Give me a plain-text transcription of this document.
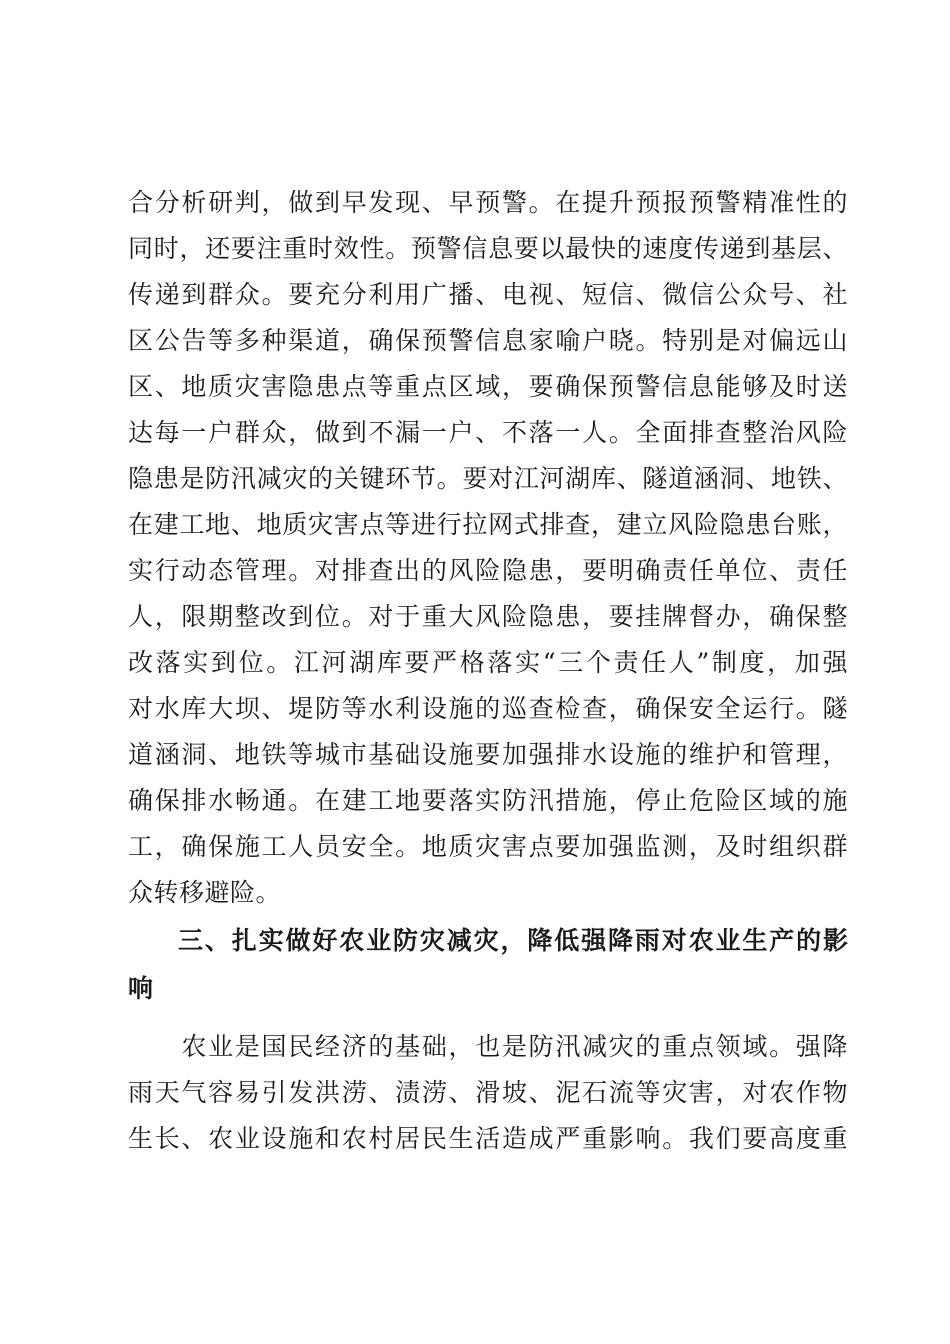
合分析研判，做到早发现、早预警。在提升预报预警精准性的
同时，还要注重时效性。预警信息要以最快的速度传递到基层、
传递到群众。要充分利用广播、电视、短信、微信公众号、社
区公告等多种渠道，确保预警信息家喻户晓。特别是对偏远山
区、地质灾害隐患点等重点区域，要确保预警信息能够及时送
达每一户群众，做到不漏一户、不落一人。全面排查整治风险
隐患是防汛减灾的关键环节。要对江河湖库、隧道涵洞、地铁、
在建工地、地质灾害点等进行拉网式排查，建立风险隐患台账，
实行动态管理。对排查出的风险隐患，要明确责任单位、责任
人，限期整改到位。对于重大风险隐患，要挂牌督办，确保整
改落实到位。江河湖库要严格落实“三个责任人”制度，加强
对水库大坝、堤防等水利设施的巡查检查，确保安全运行。隧
道涵洞、地铁等城市基础设施要加强排水设施的维护和管理，
确保排水畅通。在建工地要落实防汛措施，停止危险区域的施
工，确保施工人员安全。地质灾害点要加强监测，及时组织群
众转移避险。
三、扎实做好农业防灾减灾，降低强降雨对农业生产的影
响
　　农业是国民经济的基础，也是防汛减灾的重点领域。强降
雨天气容易引发洪涝、渍涝、滑坡、泥石流等灾害，对农作物
生长、农业设施和农村居民生活造成严重影响。我们要高度重
